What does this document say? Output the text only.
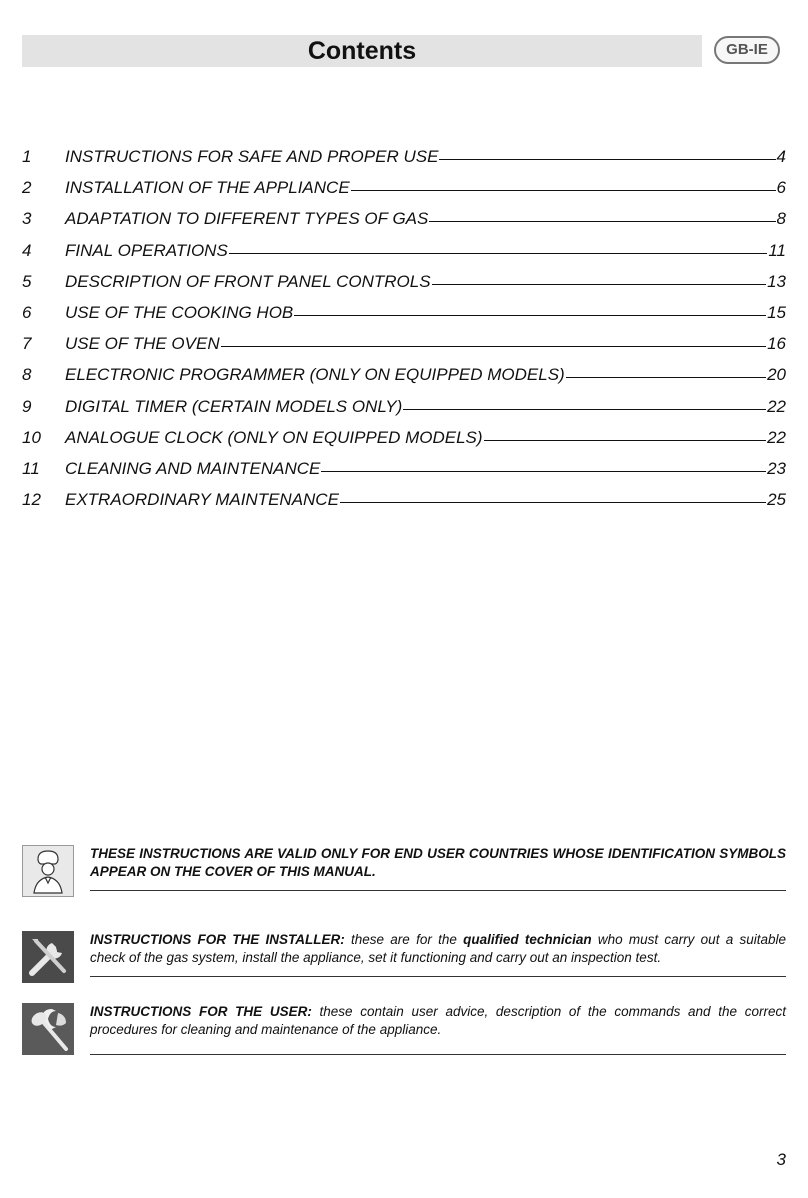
Contents	GB-IE
1	INSTRUCTIONS FOR SAFE AND PROPER USE	4
2	INSTALLATION OF THE APPLIANCE	6
3	ADAPTATION TO DIFFERENT TYPES OF GAS	8
4	FINAL OPERATIONS	11
5	DESCRIPTION OF FRONT PANEL CONTROLS	13
6	USE OF THE COOKING HOB	15
7	USE OF THE OVEN	16
8	ELECTRONIC PROGRAMMER (ONLY ON EQUIPPED MODELS)	20
9	DIGITAL TIMER (CERTAIN MODELS ONLY)	22
10	ANALOGUE CLOCK (ONLY ON EQUIPPED MODELS)	22
11	CLEANING AND MAINTENANCE	23
12	EXTRAORDINARY MAINTENANCE	25
THESE INSTRUCTIONS ARE VALID ONLY FOR END USER COUNTRIES WHOSE IDENTIFICATION SYMBOLS APPEAR ON THE COVER OF THIS MANUAL.
INSTRUCTIONS FOR THE INSTALLER: these are for the qualified technician who must carry out a suitable check of the gas system, install the appliance, set it functioning and carry out an inspection test.
INSTRUCTIONS FOR THE USER: these contain user advice, description of the commands and the correct procedures for cleaning and maintenance of the appliance.
3
